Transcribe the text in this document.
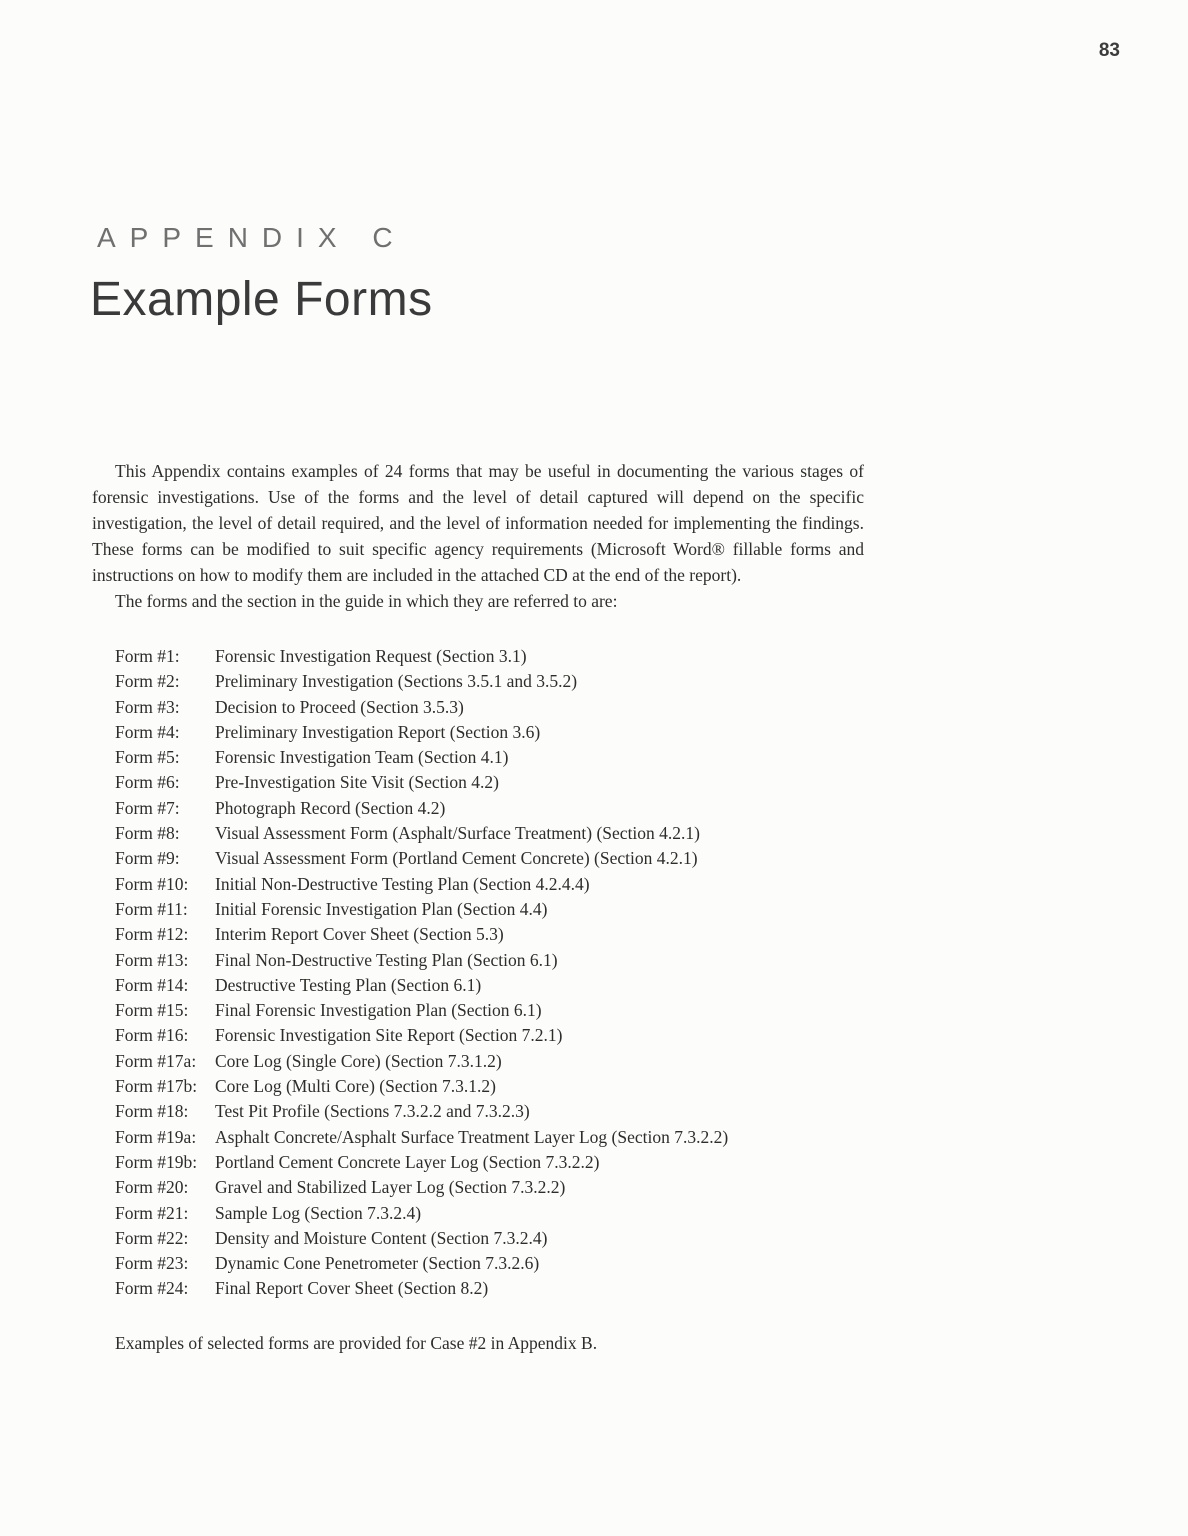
83
APPENDIX C
Example Forms

This Appendix contains examples of 24 forms that may be useful in documenting the various stages of forensic investigations. Use of the forms and the level of detail captured will depend on the specific investigation, the level of detail required, and the level of information needed for implementing the findings. These forms can be modified to suit specific agency requirements (Microsoft Word® fillable forms and instructions on how to modify them are included in the attached CD at the end of the report).

The forms and the section in the guide in which they are referred to are:

Form #1:	Forensic Investigation Request (Section 3.1)
Form #2:	Preliminary Investigation (Sections 3.5.1 and 3.5.2)
Form #3:	Decision to Proceed (Section 3.5.3)
Form #4:	Preliminary Investigation Report (Section 3.6)
Form #5:	Forensic Investigation Team (Section 4.1)
Form #6:	Pre-Investigation Site Visit (Section 4.2)
Form #7:	Photograph Record (Section 4.2)
Form #8:	Visual Assessment Form (Asphalt/Surface Treatment) (Section 4.2.1)
Form #9:	Visual Assessment Form (Portland Cement Concrete) (Section 4.2.1)
Form #10:	Initial Non-Destructive Testing Plan (Section 4.2.4.4)
Form #11:	Initial Forensic Investigation Plan (Section 4.4)
Form #12:	Interim Report Cover Sheet (Section 5.3)
Form #13:	Final Non-Destructive Testing Plan (Section 6.1)
Form #14:	Destructive Testing Plan (Section 6.1)
Form #15:	Final Forensic Investigation Plan (Section 6.1)
Form #16:	Forensic Investigation Site Report (Section 7.2.1)
Form #17a:	Core Log (Single Core) (Section 7.3.1.2)
Form #17b:	Core Log (Multi Core) (Section 7.3.1.2)
Form #18:	Test Pit Profile (Sections 7.3.2.2 and 7.3.2.3)
Form #19a:	Asphalt Concrete/Asphalt Surface Treatment Layer Log (Section 7.3.2.2)
Form #19b:	Portland Cement Concrete Layer Log (Section 7.3.2.2)
Form #20:	Gravel and Stabilized Layer Log (Section 7.3.2.2)
Form #21:	Sample Log (Section 7.3.2.4)
Form #22:	Density and Moisture Content (Section 7.3.2.4)
Form #23:	Dynamic Cone Penetrometer (Section 7.3.2.6)
Form #24:	Final Report Cover Sheet (Section 8.2)

Examples of selected forms are provided for Case #2 in Appendix B.
